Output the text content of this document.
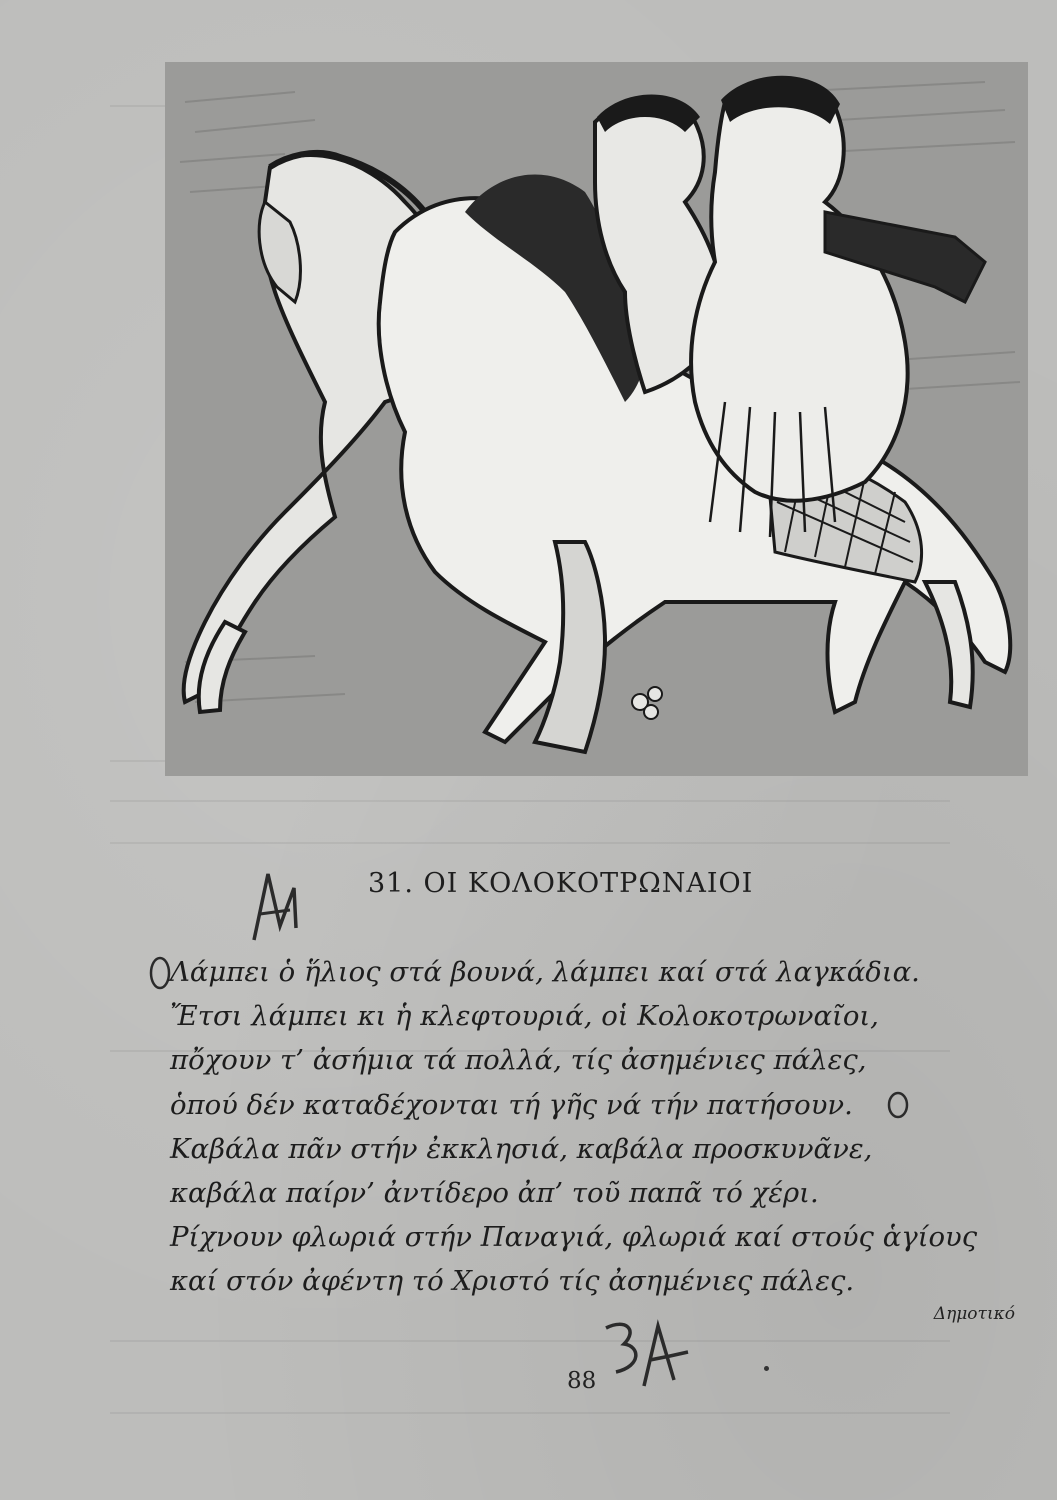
31. ΟΙ ΚΟΛΟΚΟΤΡΩΝΑΙΟΙ
Λάμπει ὁ ἥλιος στά βουνά, λάμπει καί στά λαγκάδια.
Ἔτσι λάμπει κι ἡ κλεφτουριά, οἱ Κολοκοτρωναῖοι,
πὄχουν τ’ ἀσήμια τά πολλά, τίς ἀσημένιες πάλες,
ὁπού δέν καταδέχονται τή γῆς νά τήν πατήσουν.
Καβάλα πᾶν στήν ἐκκλησιά, καβάλα προσκυνᾶνε,
καβάλα παίρν’ ἀντίδερο ἀπ’ τοῦ παπᾶ τό χέρι.
Ρίχνουν φλωριά στήν Παναγιά, φλωριά καί στούς ἁγίους
καί στόν ἀφέντη τό Χριστό τίς ἀσημένιες πάλες.
Δημοτικό
88
